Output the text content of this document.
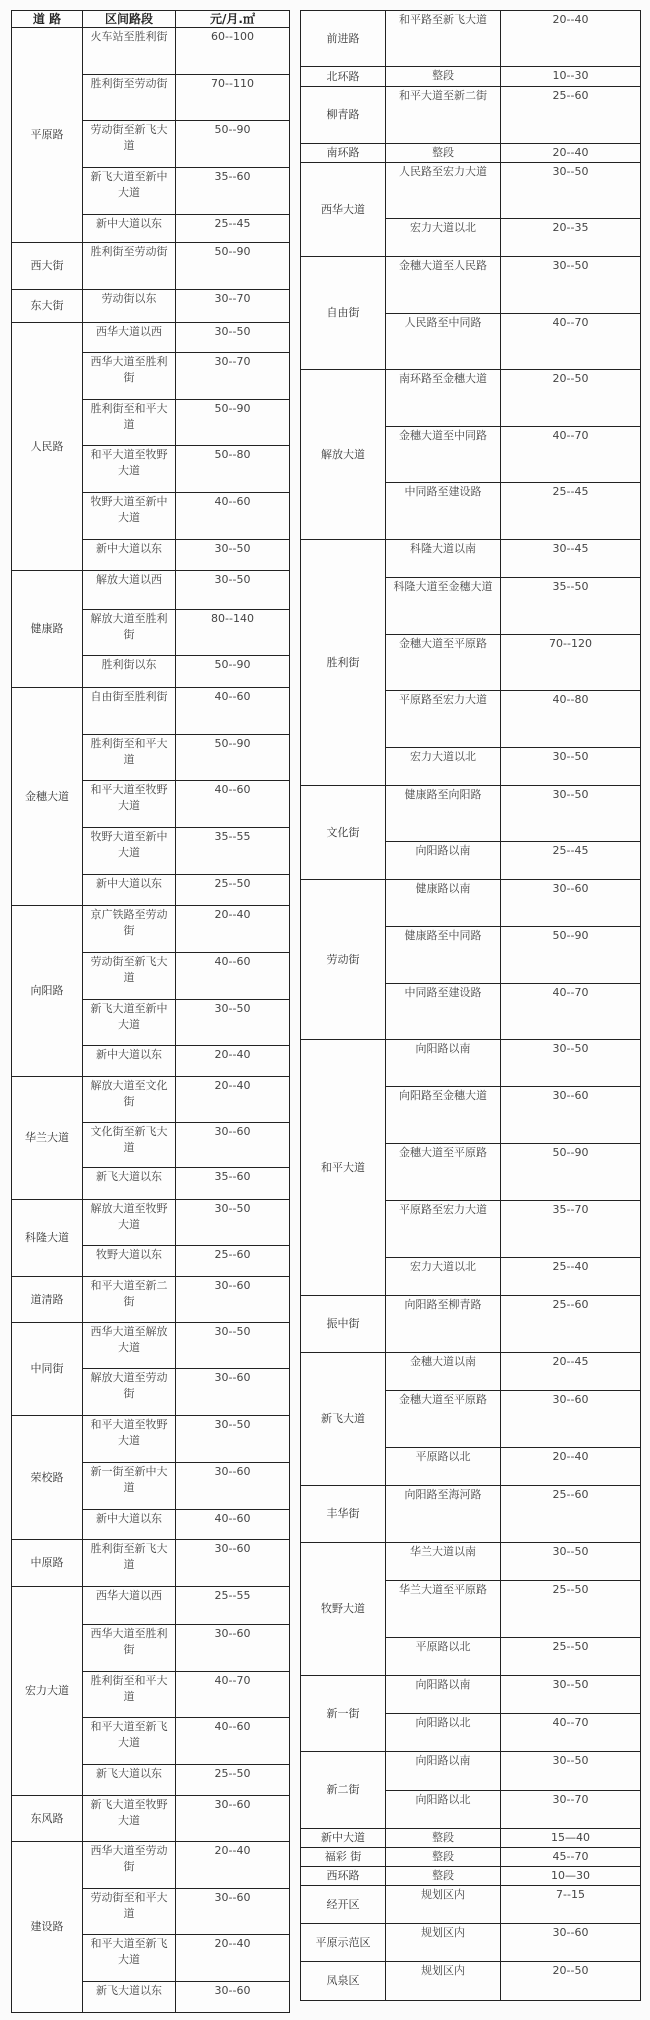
道 路	区间路段	元/月.㎡
平原路	火车站至胜利街	60--100
	胜利街至劳动街	70--110
	劳动街至新飞大道	50--90
	新飞大道至新中大道	35--60
	新中大道以东	25--45
西大街	胜利街至劳动街	50--90
东大街	劳动街以东	30--70
人民路	西华大道以西	30--50
	西华大道至胜利街	30--70
	胜利街至和平大道	50--90
	和平大道至牧野大道	50--80
	牧野大道至新中大道	40--60
	新中大道以东	30--50
健康路	解放大道以西	30--50
	解放大道至胜利街	80--140
	胜利街以东	50--90
金穗大道	自由街至胜利街	40--60
	胜利街至和平大道	50--90
	和平大道至牧野大道	40--60
	牧野大道至新中大道	35--55
	新中大道以东	25--50
向阳路	京广铁路至劳动街	20--40
	劳动街至新飞大道	40--60
	新飞大道至新中大道	30--50
	新中大道以东	20--40
华兰大道	解放大道至文化街	20--40
	文化街至新飞大道	30--60
	新飞大道以东	35--60
科隆大道	解放大道至牧野大道	30--50
	牧野大道以东	25--60
道清路	和平大道至新二街	30--60
中同街	西华大道至解放大道	30--50
	解放大道至劳动街	30--60
荣校路	和平大道至牧野大道	30--50
	新一街至新中大道	30--60
	新中大道以东	40--60
中原路	胜利街至新飞大道	30--60
宏力大道	西华大道以西	25--55
	西华大道至胜利街	30--60
	胜利街至和平大道	40--70
	和平大道至新飞大道	40--60
	新飞大道以东	25--50
东风路	新飞大道至牧野大道	30--60
建设路	西华大道至劳动街	20--40
	劳动街至和平大道	30--60
	和平大道至新飞大道	20--40
	新飞大道以东	30--60
前进路	和平路至新飞大道	20--40
北环路	整段	10--30
柳青路	和平大道至新二街	25--60
南环路	整段	20--40
西华大道	人民路至宏力大道	30--50
	宏力大道以北	20--35
自由街	金穗大道至人民路	30--50
	人民路至中同路	40--70
解放大道	南环路至金穗大道	20--50
	金穗大道至中同路	40--70
	中同路至建设路	25--45
胜利街	科隆大道以南	30--45
	科隆大道至金穗大道	35--50
	金穗大道至平原路	70--120
	平原路至宏力大道	40--80
	宏力大道以北	30--50
文化街	健康路至向阳路	30--50
	向阳路以南	25--45
劳动街	健康路以南	30--60
	健康路至中同路	50--90
	中同路至建设路	40--70
和平大道	向阳路以南	30--50
	向阳路至金穗大道	30--60
	金穗大道至平原路	50--90
	平原路至宏力大道	35--70
	宏力大道以北	25--40
振中街	向阳路至柳青路	25--60
新飞大道	金穗大道以南	20--45
	金穗大道至平原路	30--60
	平原路以北	20--40
丰华街	向阳路至海河路	25--60
牧野大道	华兰大道以南	30--50
	华兰大道至平原路	25--50
	平原路以北	25--50
新一街	向阳路以南	30--50
	向阳路以北	40--70
新二街	向阳路以南	30--50
	向阳路以北	30--70
新中大道	整段	15—40
福彩 街	整段	45--70
西环路	整段	10—30
经开区	规划区内	7--15
平原示范区	规划区内	30--60
凤泉区	规划区内	20--50
